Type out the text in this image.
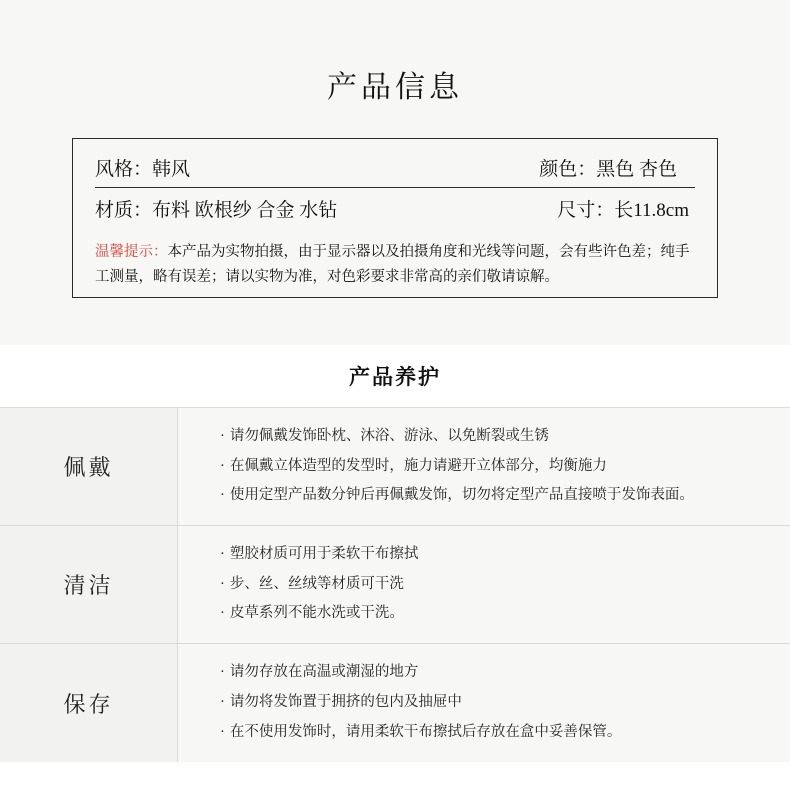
产品信息
风格：韩风	颜色：黑色 杏色
材质：布料 欧根纱 合金 水钻	尺寸：长11.8cm
温馨提示：本产品为实物拍摄，由于显示器以及拍摄角度和光线等问题，会有些许色差；纯手工测量，略有误差；请以实物为准，对色彩要求非常高的亲们敬请谅解。
产品养护
佩戴
· 请勿佩戴发饰卧枕、沐浴、游泳、以免断裂或生锈
· 在佩戴立体造型的发型时，施力请避开立体部分，均衡施力
· 使用定型产品数分钟后再佩戴发饰，切勿将定型产品直接喷于发饰表面。
清洁
· 塑胶材质可用于柔软干布擦拭
· 步、丝、丝绒等材质可干洗
· 皮草系列不能水洗或干洗。
保存
· 请勿存放在高温或潮湿的地方
· 请勿将发饰置于拥挤的包内及抽屉中
· 在不使用发饰时，请用柔软干布擦拭后存放在盒中妥善保管。
